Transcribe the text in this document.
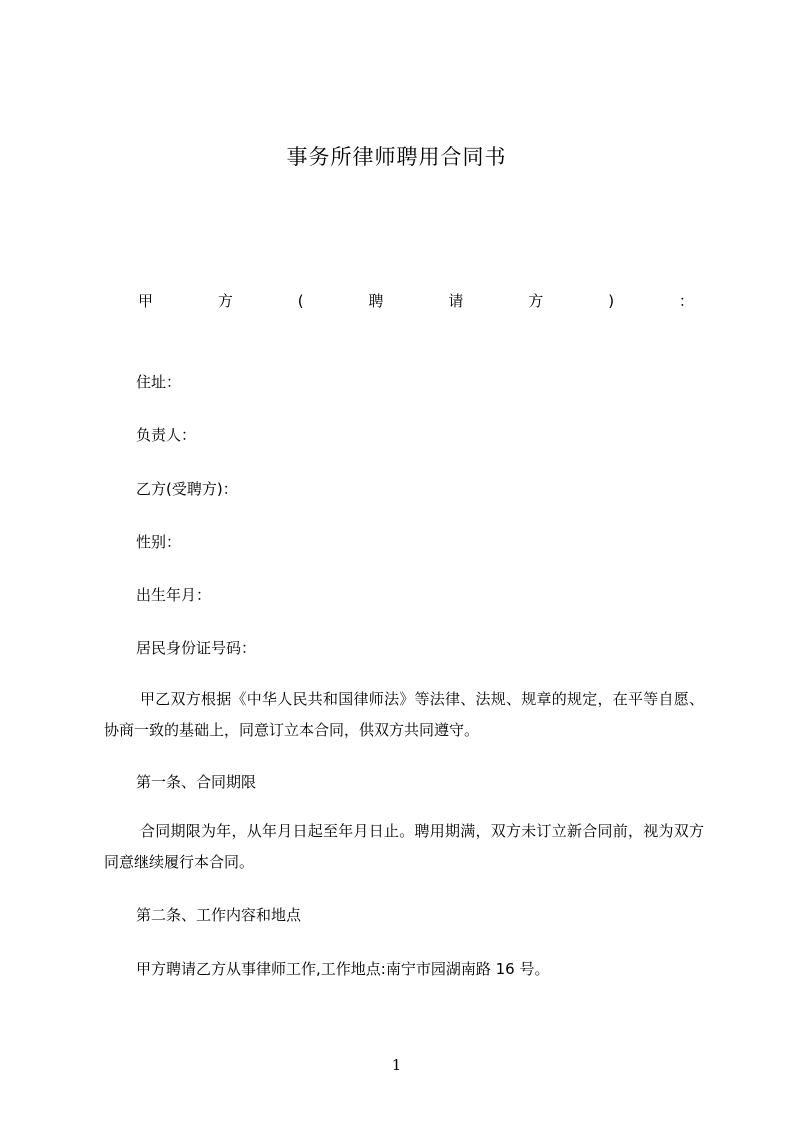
事务所律师聘用合同书
甲	方	(	聘	请	方	)	：
住址：
负责人：
乙方(受聘方)：
性别：
出生年月：
居民身份证号码：
甲乙双方根据《中华人民共和国律师法》等法律、法规、规章的规定，在平等自愿、协商一致的基础上，同意订立本合同，供双方共同遵守。
第一条、合同期限
合同期限为年，从年月日起至年月日止。聘用期满，双方未订立新合同前，视为双方同意继续履行本合同。
第二条、工作内容和地点
甲方聘请乙方从事律师工作,工作地点:南宁市园湖南路 16 号。
1
